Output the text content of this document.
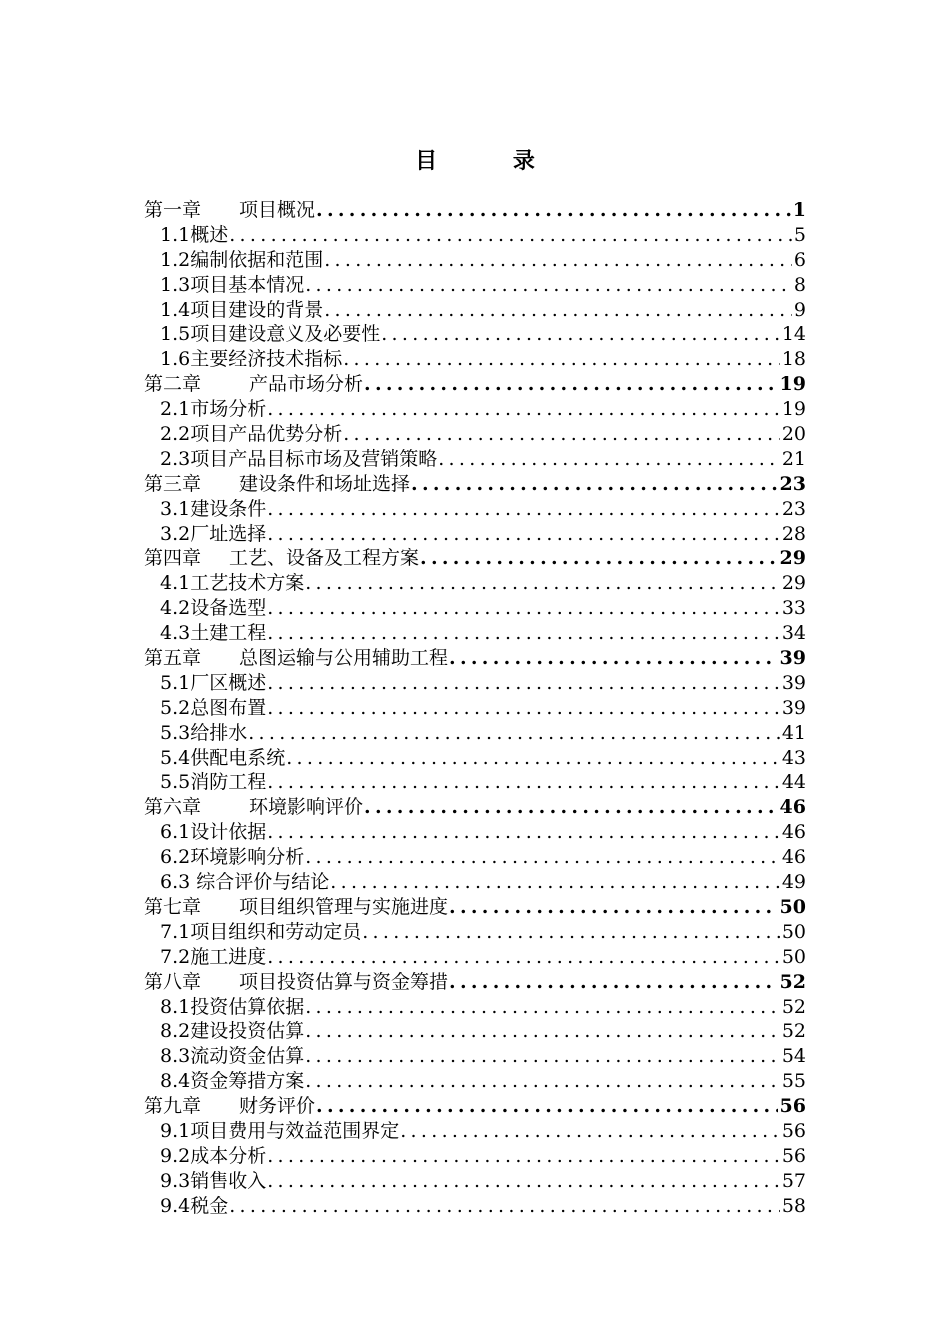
目 录
第一章 项目概况 .....	1
1.1概述 .....	5
1.2编制依据和范围 .....	6
1.3项目基本情况 .....	8
1.4项目建设的背景 .....	9
1.5项目建设意义及必要性 .....	14
1.6主要经济技术指标 .....	18
第二章	产品市场分析 .....	19
2.1市场分析 .....	19
2.2项目产品优势分析 .....	20
2.3项目产品目标市场及营销策略 .....	21
第三章 建设条件和场址选择 .....	23
3.1建设条件 .....	23
3.2厂址选择 .....	28
第四章 工艺、设备及工程方案 .....	29
4.1工艺技术方案 .....	29
4.2设备选型 .....	33
4.3土建工程 .....	34
第五章 总图运输与公用辅助工程 .....	39
5.1厂区概述 .....	39
5.2总图布置 .....	39
5.3给排水 .....	41
5.4供配电系统 .....	43
5.5消防工程 .....	44
第六章	环境影响评价 .....	46
6.1设计依据 .....	46
6.2环境影响分析 .....	46
6.3 综合评价与结论 .....	49
第七章 项目组织管理与实施进度 .....	50
7.1项目组织和劳动定员 .....	50
7.2施工进度 .....	50
第八章 项目投资估算与资金筹措 .....	52
8.1投资估算依据 .....	52
8.2建设投资估算 .....	52
8.3流动资金估算 .....	54
8.4资金筹措方案 .....	55
第九章 财务评价 .....	56
9.1项目费用与效益范围界定 .....	56
9.2成本分析 .....	56
9.3销售收入 .....	57
9.4税金 .....	58
